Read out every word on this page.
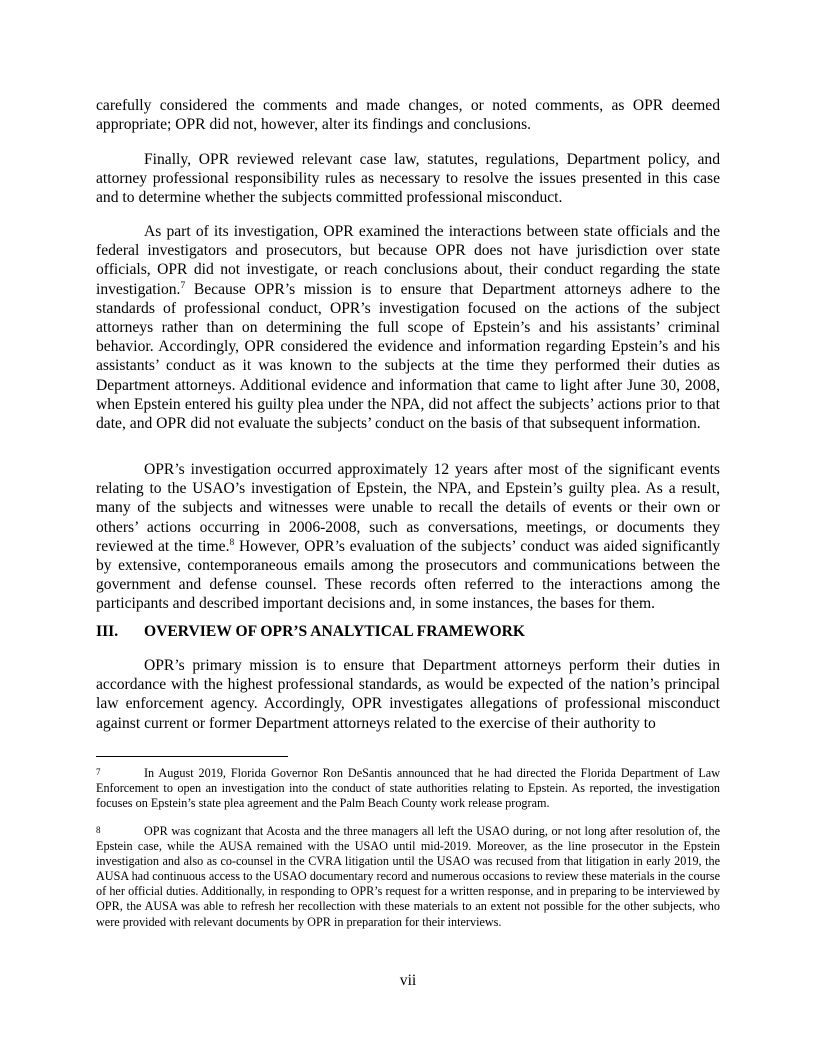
carefully considered the comments and made changes, or noted comments, as OPR deemed appropriate; OPR did not, however, alter its findings and conclusions.

Finally, OPR reviewed relevant case law, statutes, regulations, Department policy, and attorney professional responsibility rules as necessary to resolve the issues presented in this case and to determine whether the subjects committed professional misconduct.

As part of its investigation, OPR examined the interactions between state officials and the federal investigators and prosecutors, but because OPR does not have jurisdiction over state officials, OPR did not investigate, or reach conclusions about, their conduct regarding the state investigation.$^7$ Because OPR’s mission is to ensure that Department attorneys adhere to the standards of professional conduct, OPR’s investigation focused on the actions of the subject attorneys rather than on determining the full scope of Epstein’s and his assistants’ criminal behavior. Accordingly, OPR considered the evidence and information regarding Epstein’s and his assistants’ conduct as it was known to the subjects at the time they performed their duties as Department attorneys. Additional evidence and information that came to light after June 30, 2008, when Epstein entered his guilty plea under the NPA, did not affect the subjects’ actions prior to that date, and OPR did not evaluate the subjects’ conduct on the basis of that subsequent information.

OPR’s investigation occurred approximately 12 years after most of the significant events relating to the USAO’s investigation of Epstein, the NPA, and Epstein’s guilty plea. As a result, many of the subjects and witnesses were unable to recall the details of events or their own or others’ actions occurring in 2006-2008, such as conversations, meetings, or documents they reviewed at the time.$^8$ However, OPR’s evaluation of the subjects’ conduct was aided significantly by extensive, contemporaneous emails among the prosecutors and communications between the government and defense counsel. These records often referred to the interactions among the participants and described important decisions and, in some instances, the bases for them.

III. OVERVIEW OF OPR’S ANALYTICAL FRAMEWORK

OPR’s primary mission is to ensure that Department attorneys perform their duties in accordance with the highest professional standards, as would be expected of the nation’s principal law enforcement agency. Accordingly, OPR investigates allegations of professional misconduct against current or former Department attorneys related to the exercise of their authority to

7	In August 2019, Florida Governor Ron DeSantis announced that he had directed the Florida Department of Law Enforcement to open an investigation into the conduct of state authorities relating to Epstein. As reported, the investigation focuses on Epstein’s state plea agreement and the Palm Beach County work release program.

8	OPR was cognizant that Acosta and the three managers all left the USAO during, or not long after resolution of, the Epstein case, while the AUSA remained with the USAO until mid-2019. Moreover, as the line prosecutor in the Epstein investigation and also as co-counsel in the CVRA litigation until the USAO was recused from that litigation in early 2019, the AUSA had continuous access to the USAO documentary record and numerous occasions to review these materials in the course of her official duties. Additionally, in responding to OPR’s request for a written response, and in preparing to be interviewed by OPR, the AUSA was able to refresh her recollection with these materials to an extent not possible for the other subjects, who were provided with relevant documents by OPR in preparation for their interviews.

vii
